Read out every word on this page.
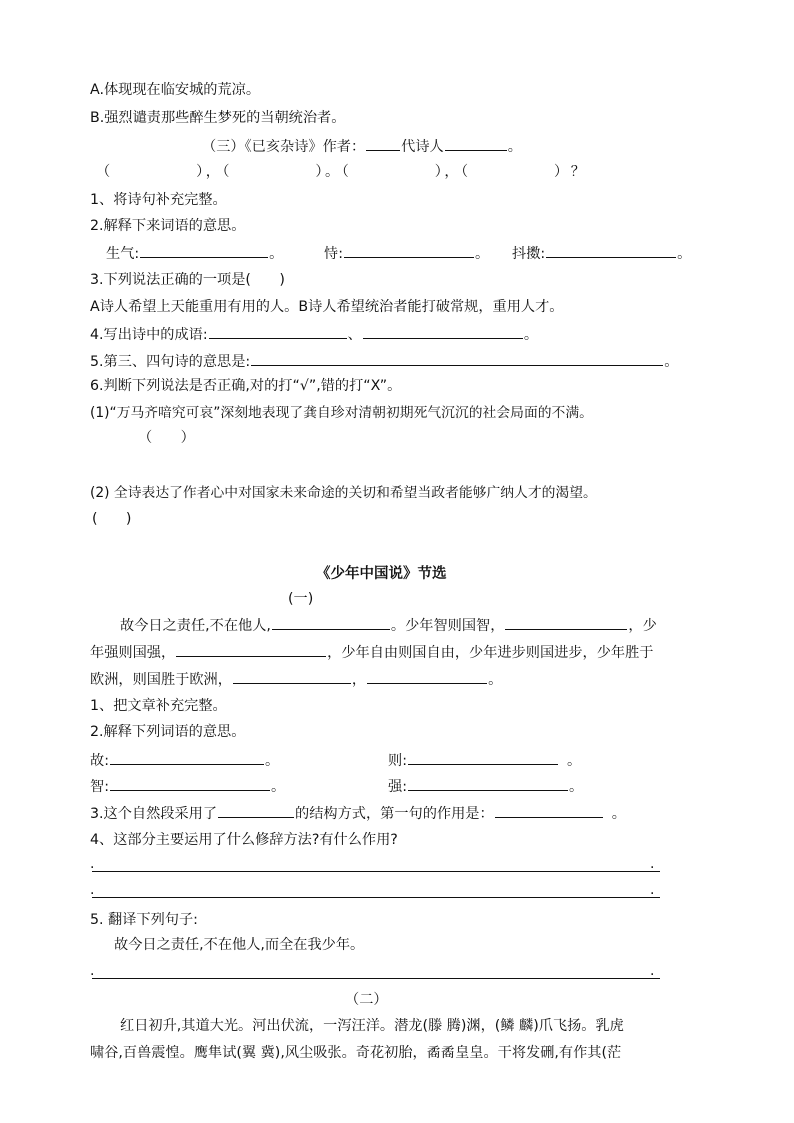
A.体现现在临安城的荒凉。
B.强烈谴责那些醉生梦死的当朝统治者。
（三）《已亥杂诗》作者：	代诗人	。
（　　　　　），（　　　　　）。（　　　　　），（　　　　　）？
1、将诗句补充完整。
2.解释下来词语的意思。
生气:	。	恃:	。 抖擞:	。
3.下列说法正确的一项是(　　)
A诗人希望上天能重用有用的人。B诗人希望统治者能打破常规，重用人才。
4.写出诗中的成语:	、	。
5.第三、四句诗的意思是:	。
6.判断下列说法是否正确,对的打“√”,错的打“X”。
(1)“万马齐喑究可哀”深刻地表现了龚自珍对清朝初期死气沉沉的社会局面的不满。
（　　）
(2) 全诗表达了作者心中对国家未来命途的关切和希望当政者能够广纳人才的渴望。
(　　)
《少年中国说》节选
(一)
故今日之责任,不在他人,	。少年智则国智，	，少
年强则国强，	，少年自由则国自由，少年进步则国进步，少年胜于
欧洲，则国胜于欧洲，	，	。
1、把文章补充完整。
2.解释下列词语的意思。
故:	。	则:	。
智:	。	强:	。
3.这个自然段采用了	的结构方式，第一句的作用是：	。
4、这部分主要运用了什么修辞方法?有什么作用?
.	.
.	.
5. 翻译下列句子:
故今日之责任,不在他人,而全在我少年。
.	.
（二）
红日初升,其道大光。河出伏流，一泻汪洋。潜龙(滕 腾)渊，(鳞 麟)爪飞扬。乳虎
啸谷,百兽震惶。鹰隼试(翼 冀),风尘吸张。奇花初胎，矞矞皇皇。干将发硎,有作其(茫
